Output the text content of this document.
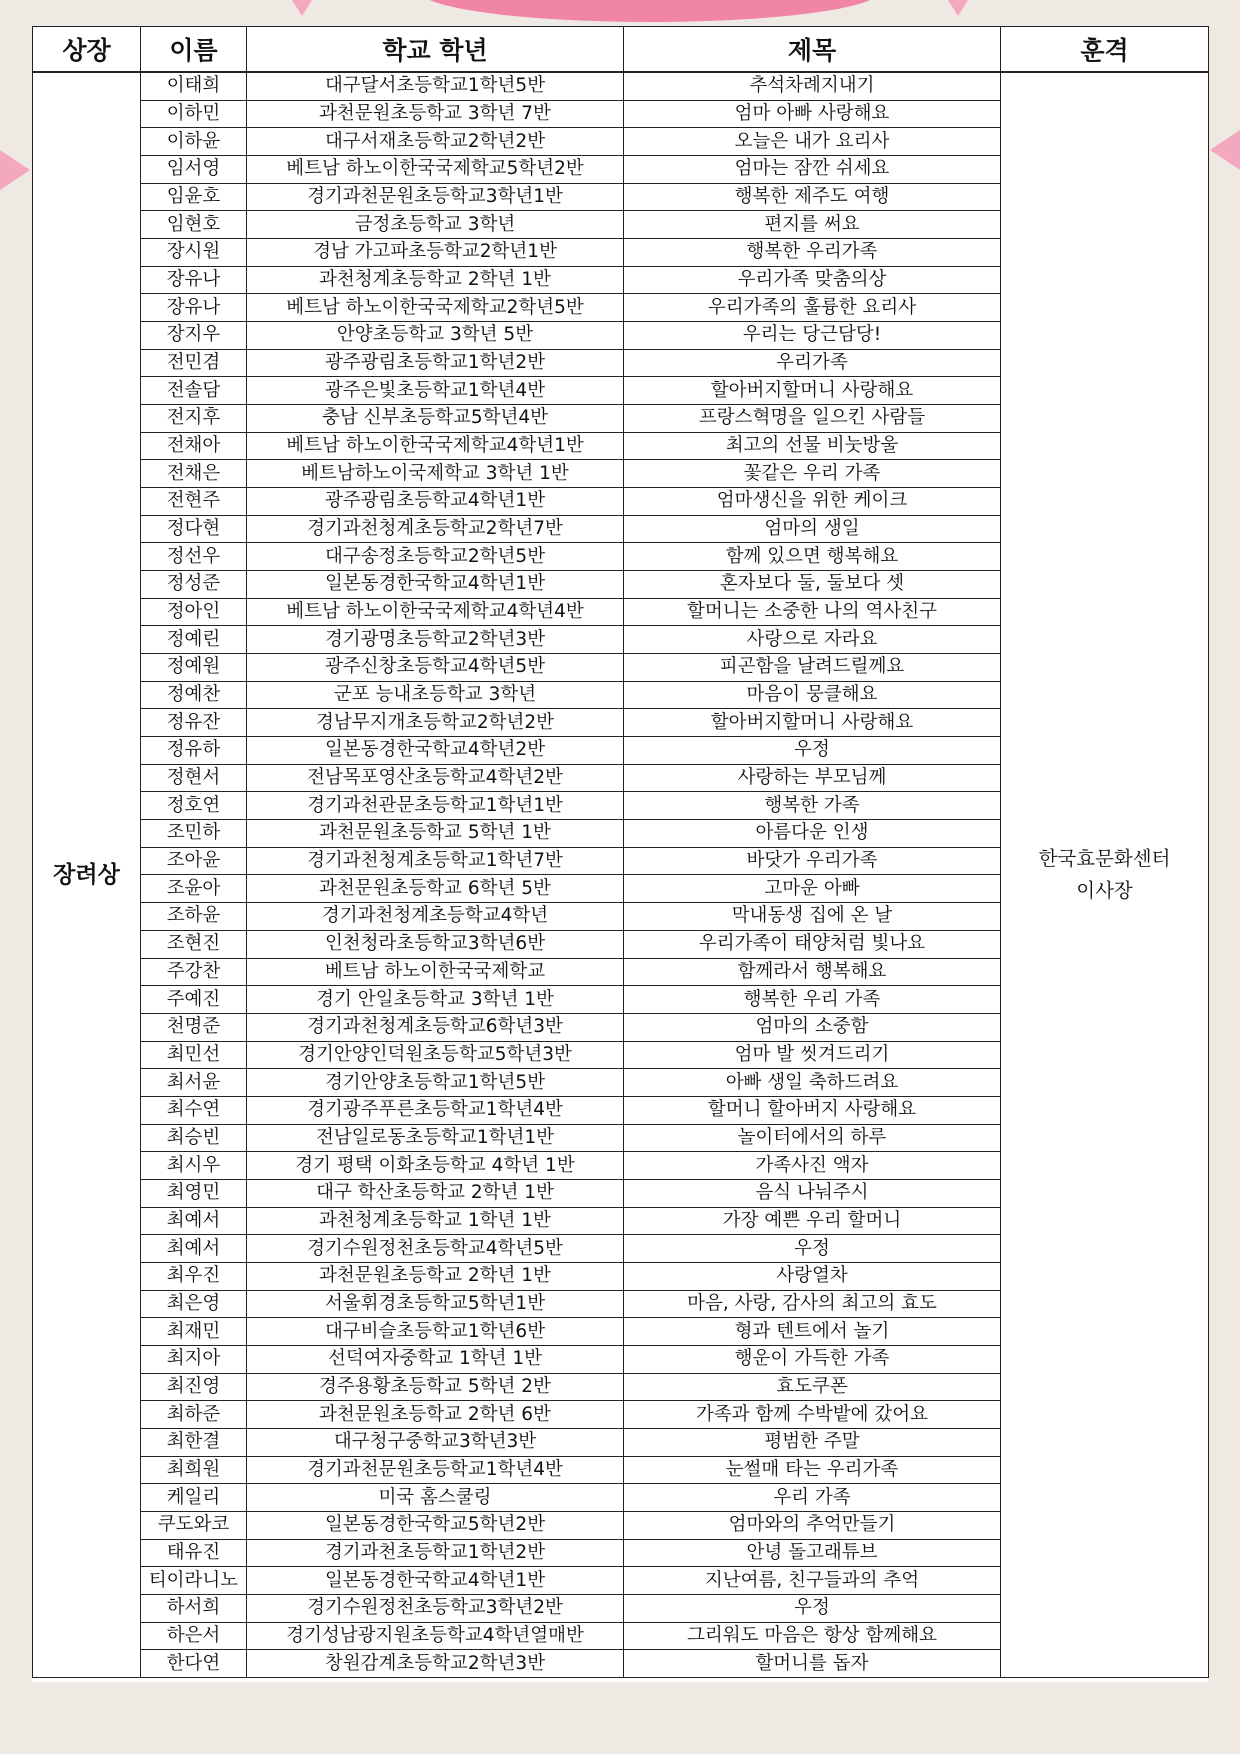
상장	이름	학교 학년	제목	훈격
장려상	이태희	대구달서초등학교1학년5반	추석차례지내기	한국효문화센터
이사장

	이하민	과천문원초등학교 3학년 7반	엄마 아빠 사랑해요	
	이하윤	대구서재초등학교2학년2반	오늘은 내가 요리사	
	임서영	베트남 하노이한국국제학교5학년2반	엄마는 잠깐 쉬세요	
	임윤호	경기과천문원초등학교3학년1반	행복한 제주도 여행	
	임현호	금정초등학교 3학년	편지를 써요	
	장시원	경남 가고파초등학교2학년1반	행복한 우리가족	
	장유나	과천청계초등학교 2학년 1반	우리가족 맞춤의상	
	장유나	베트남 하노이한국국제학교2학년5반	우리가족의 훌륭한 요리사	
	장지우	안양초등학교 3학년 5반	우리는 당근담당!	
	전민겸	광주광림초등학교1학년2반	우리가족	
	전솔담	광주은빛초등학교1학년4반	할아버지할머니 사랑해요	
	전지후	충남 신부초등학교5학년4반	프랑스혁명을 일으킨 사람들	
	전채아	베트남 하노이한국국제학교4학년1반	최고의 선물 비눗방울	
	전채은	베트남하노이국제학교 3학년 1반	꽃같은 우리 가족	
	전현주	광주광림초등학교4학년1반	엄마생신을 위한 케이크	
	정다현	경기과천청계초등학교2학년7반	엄마의 생일	
	정선우	대구송정초등학교2학년5반	함께 있으면 행복해요	
	정성준	일본동경한국학교4학년1반	혼자보다 둘, 둘보다 셋	
	정아인	베트남 하노이한국국제학교4학년4반	할머니는 소중한 나의 역사친구	
	정예린	경기광명초등학교2학년3반	사랑으로 자라요	
	정예원	광주신창초등학교4학년5반	피곤함을 날려드릴께요	
	정예찬	군포 능내초등학교 3학년	마음이 뭉클해요	
	정유잔	경남무지개초등학교2학년2반	할아버지할머니 사랑해요	
	정유하	일본동경한국학교4학년2반	우정	
	정현서	전남목포영산초등학교4학년2반	사랑하는 부모님께	
	정호연	경기과천관문초등학교1학년1반	행복한 가족	
	조민하	과천문원초등학교 5학년 1반	아름다운 인생	
	조아윤	경기과천청계초등학교1학년7반	바닷가 우리가족	
	조윤아	과천문원초등학교 6학년 5반	고마운 아빠	
	조하윤	경기과천청계초등학교4학년	막내동생 집에 온 날	
	조현진	인천청라초등학교3학년6반	우리가족이 태양처럼 빛나요	
	주강찬	베트남 하노이한국국제학교	함께라서 행복해요	
	주예진	경기 안일초등학교 3학년 1반	행복한 우리 가족	
	천명준	경기과천청계초등학교6학년3반	엄마의 소중함	
	최민선	경기안양인덕원초등학교5학년3반	엄마 발 씻겨드리기	
	최서윤	경기안양초등학교1학년5반	아빠 생일 축하드려요	
	최수연	경기광주푸른초등학교1학년4반	할머니 할아버지 사랑해요	
	최승빈	전남일로동초등학교1학년1반	놀이터에서의 하루	
	최시우	경기 평택 이화초등학교 4학년 1반	가족사진 액자	
	최영민	대구 학산초등학교 2학년 1반	음식 나눠주시	
	최예서	과천청계초등학교 1학년 1반	가장 예쁜 우리 할머니	
	최예서	경기수원정천초등학교4학년5반	우정	
	최우진	과천문원초등학교 2학년 1반	사랑열차	
	최은영	서울휘경초등학교5학년1반	마음, 사랑, 감사의 최고의 효도	
	최재민	대구비슬초등학교1학년6반	형과 텐트에서 놀기	
	최지아	선덕여자중학교 1학년 1반	행운이 가득한 가족	
	최진영	경주용황초등학교 5학년 2반	효도쿠폰	
	최하준	과천문원초등학교 2학년 6반	가족과 함께 수박밭에 갔어요	
	최한결	대구청구중학교3학년3반	평범한 주말	
	최희원	경기과천문원초등학교1학년4반	눈썰매 타는 우리가족	
	케일리	미국 홈스쿨링	우리 가족	
	쿠도와코	일본동경한국학교5학년2반	엄마와의 추억만들기	
	태유진	경기과천초등학교1학년2반	안녕 돌고래튜브	
	티이라니노	일본동경한국학교4학년1반	지난여름, 친구들과의 추억	
	하서희	경기수원정천초등학교3학년2반	우정	
	하은서	경기성남광지원초등학교4학년열매반	그리워도 마음은 항상 함께해요	
	한다연	창원감계초등학교2학년3반	할머니를 돕자	
